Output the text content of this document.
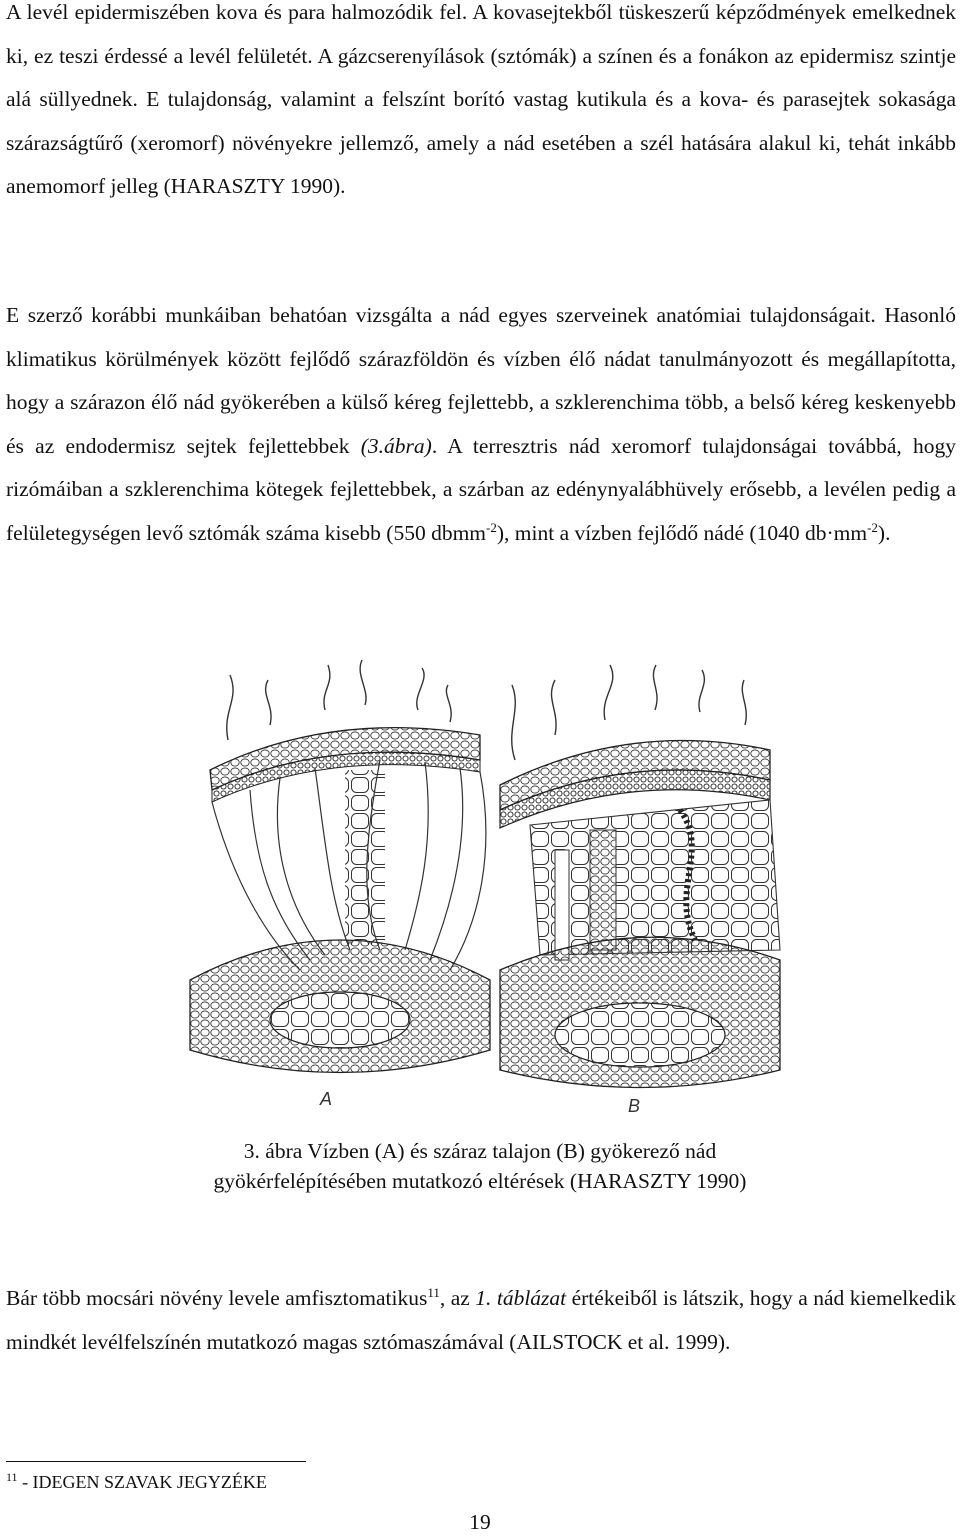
A levél epidermiszében kova és para halmozódik fel. A kovasejtekből tüskeszerű képződmények emelkednek ki, ez teszi érdessé a levél felületét. A gázcserenyílások (sztómák) a színen és a fonákon az epidermisz szintje alá süllyednek. E tulajdonság, valamint a felszínt borító vastag kutikula és a kova- és parasejtek sokasága szárazságtűrő (xeromorf) növényekre jellemző, amely a nád esetében a szél hatására alakul ki, tehát inkább anemomorf jelleg (HARASZTY 1990).

E szerző korábbi munkáiban behatóan vizsgálta a nád egyes szerveinek anatómiai tulajdonságait. Hasonló klimatikus körülmények között fejlődő szárazföldön és vízben élő nádat tanulmányozott és megállapította, hogy a szárazon élő nád gyökerében a külső kéreg fejlettebb, a szklerenchima több, a belső kéreg keskenyebb és az endodermisz sejtek fejlettebbek (3.ábra). A terresztris nád xeromorf tulajdonságai továbbá, hogy rizómáiban a szklerenchima kötegek fejlettebbek, a szárban az edénynyalábhüvely erősebb, a levélen pedig a felületegységen levő sztómák száma kisebb (550 dbmm$^{-2}$), mint a vízben fejlődő nádé (1040 $db\cdot mm^{-2}$).

A	B

3. ábra Vízben (A) és száraz talajon (B) gyökerező nád gyökérfelépítésében mutatkozó eltérések (HARASZTY 1990)

Bár több mocsári növény levele amfisztomatikus$^{11}$, az 1. táblázat értékeiből is látszik, hogy a nád kiemelkedik mindkét levélfelszínén mutatkozó magas sztómaszámával (AILSTOCK et al. 1999).

$^{11}$ - IDEGEN SZAVAK JEGYZÉKE
19
